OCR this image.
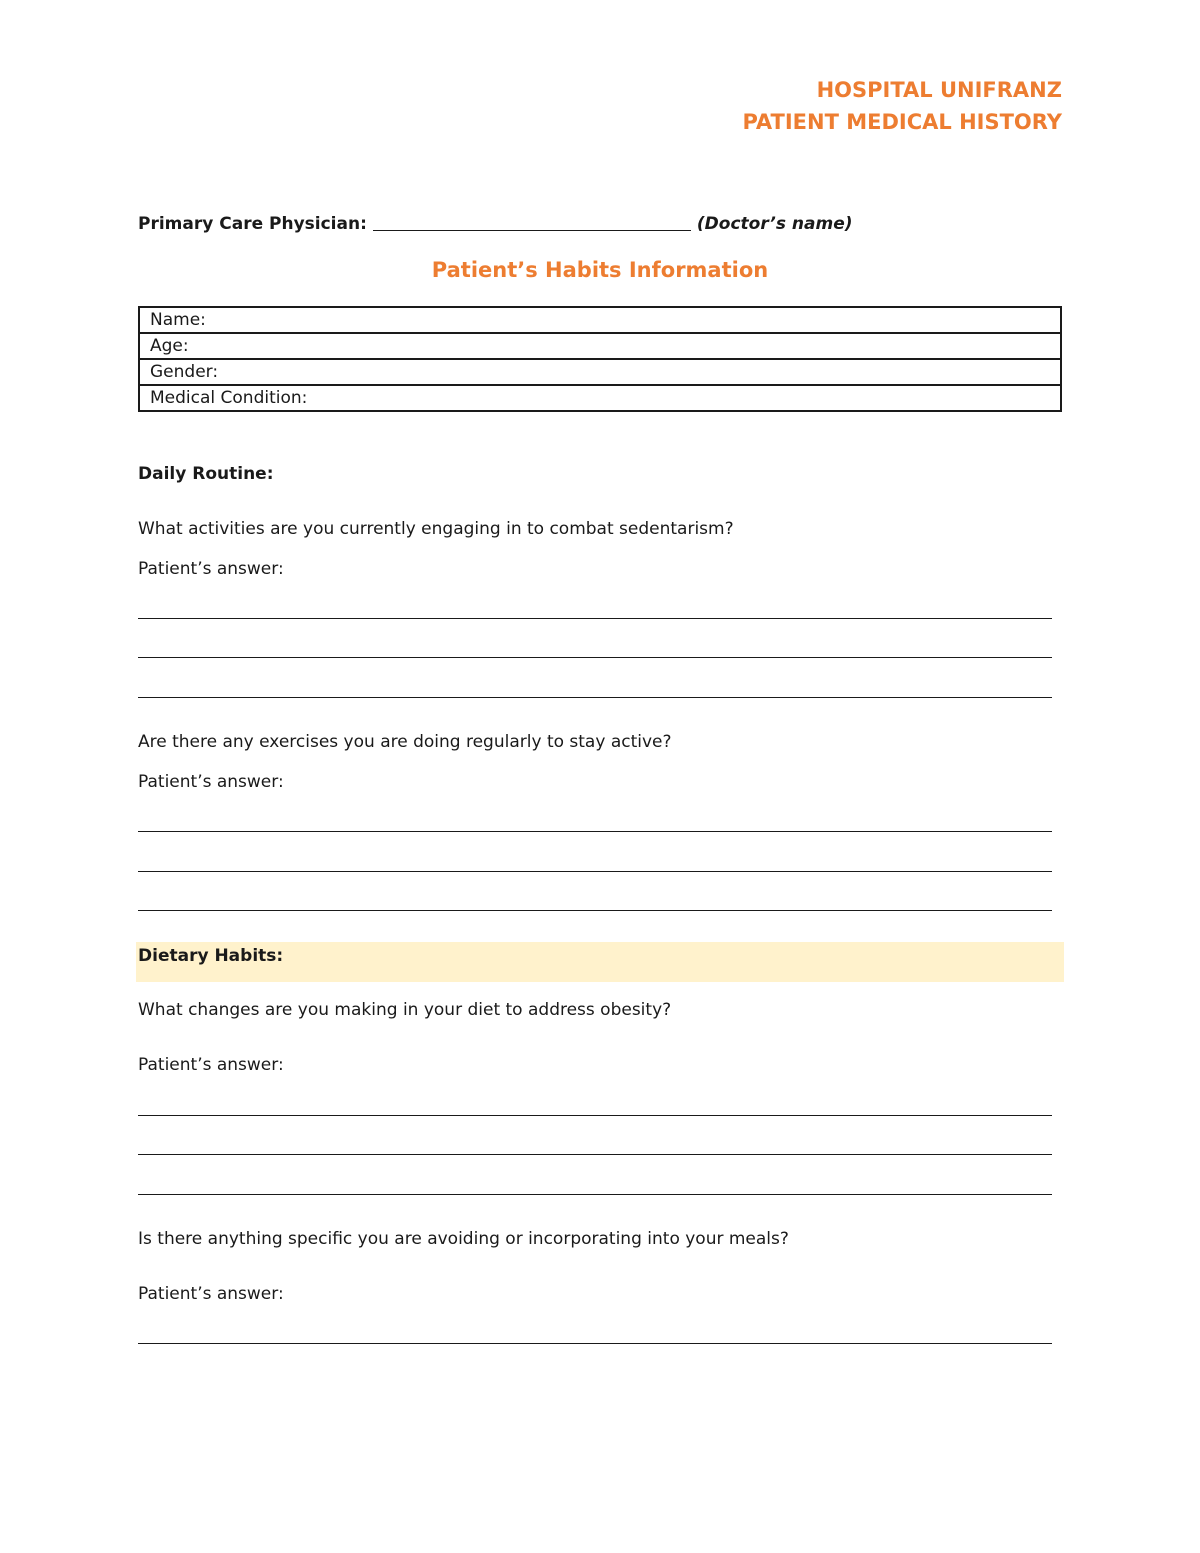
HOSPITAL UNIFRANZ
PATIENT MEDICAL HISTORY
Primary Care Physician:	(Doctor’s name)
Patient’s Habits Information
Name:
Age:
Gender:
Medical Condition:
Daily Routine:
What activities are you currently engaging in to combat sedentarism?
Patient’s answer:
Are there any exercises you are doing regularly to stay active?
Patient’s answer:
Dietary Habits:
What changes are you making in your diet to address obesity?
Patient’s answer:
Is there anything specific you are avoiding or incorporating into your meals?
Patient’s answer:
